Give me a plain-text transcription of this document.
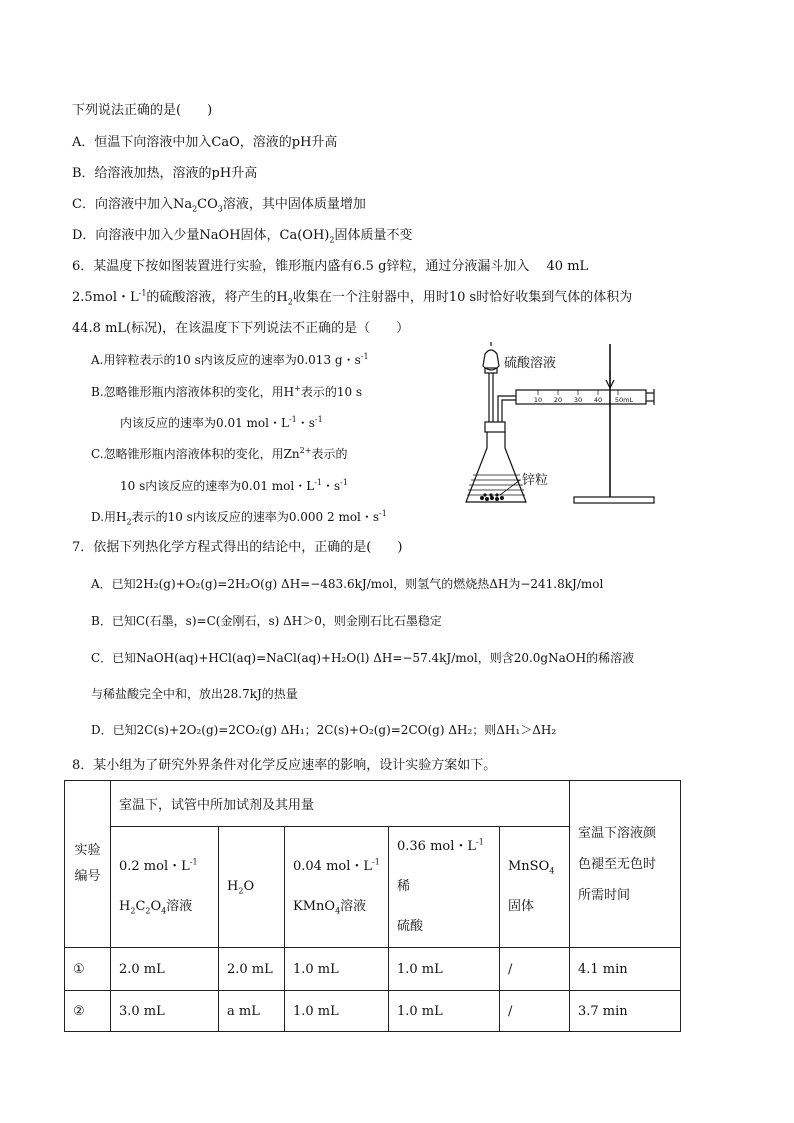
下列说法正确的是(　　)
A．恒温下向溶液中加入CaO，溶液的pH升高
B．给溶液加热，溶液的pH升高
C．向溶液中加入$Na_2CO_3$溶液，其中固体质量增加
D．向溶液中加入少量NaOH固体，$Ca(OH)_2$固体质量不变
6．某温度下按如图装置进行实验，锥形瓶内盛有6.5 g锌粒，通过分液漏斗加入　 40 mL
2.5mol・$L^{-1}$的硫酸溶液，将产生的$H_2$收集在一个注射器中，用时10 s时恰好收集到气体的体积为
44.8 mL(标况)，在该温度下下列说法不正确的是（　　）
A.用锌粒表示的10 s内该反应的速率为0.013 g・$s^{-1}$
B.忽略锥形瓶内溶液体积的变化，用H+表示的10 s
内该反应的速率为0.01 mol・$L^{-1}$・$s^{-1}$
C.忽略锥形瓶内溶液体积的变化，用$Zn^{2+}$表示的
10 s内该反应的速率为0.01 mol・$L^{-1}$・$s^{-1}$
D.用$H_2$表示的10 s内该反应的速率为0.000 2 mol・$s^{-1}$
10 20 30 40 50mL
硫酸溶液
锌粒
7．依据下列热化学方程式得出的结论中，正确的是(　　)
A．已知2H₂(g)+O₂(g)=2H₂O(g) ΔH=−483.6kJ/mol，则氢气的燃烧热ΔH为−241.8kJ/mol
B．已知C(石墨，s)=C(金刚石，s) ΔH＞0，则金刚石比石墨稳定
C．已知NaOH(aq)+HCl(aq)=NaCl(aq)+H₂O(l) ΔH=−57.4kJ/mol，则含20.0gNaOH的稀溶液
与稀盐酸完全中和，放出28.7kJ的热量
D．已知2C(s)+2O₂(g)=2CO₂(g) ΔH₁；2C(s)+O₂(g)=2CO(g) ΔH₂；则ΔH₁＞ΔH₂
8．某小组为了研究外界条件对化学反应速率的影响，设计实验方案如下。
实验
编号	室温下，试管中所加试剂及其用量					室温下溶液颜
色褪至无色时
所需时间
	0.2 mol・$L^{-1}$
$H_2C_2O_4$溶液	$H_2O$	0.04 mol・$L^{-1}$
KMnO$_4$溶液	0.36 mol・$L^{-1}$稀
硫酸	MnSO$_4$
固体	
①	2.0 mL	2.0 mL	1.0 mL	1.0 mL	/	4.1 min
②	3.0 mL	a mL	1.0 mL	1.0 mL	/	3.7 min
